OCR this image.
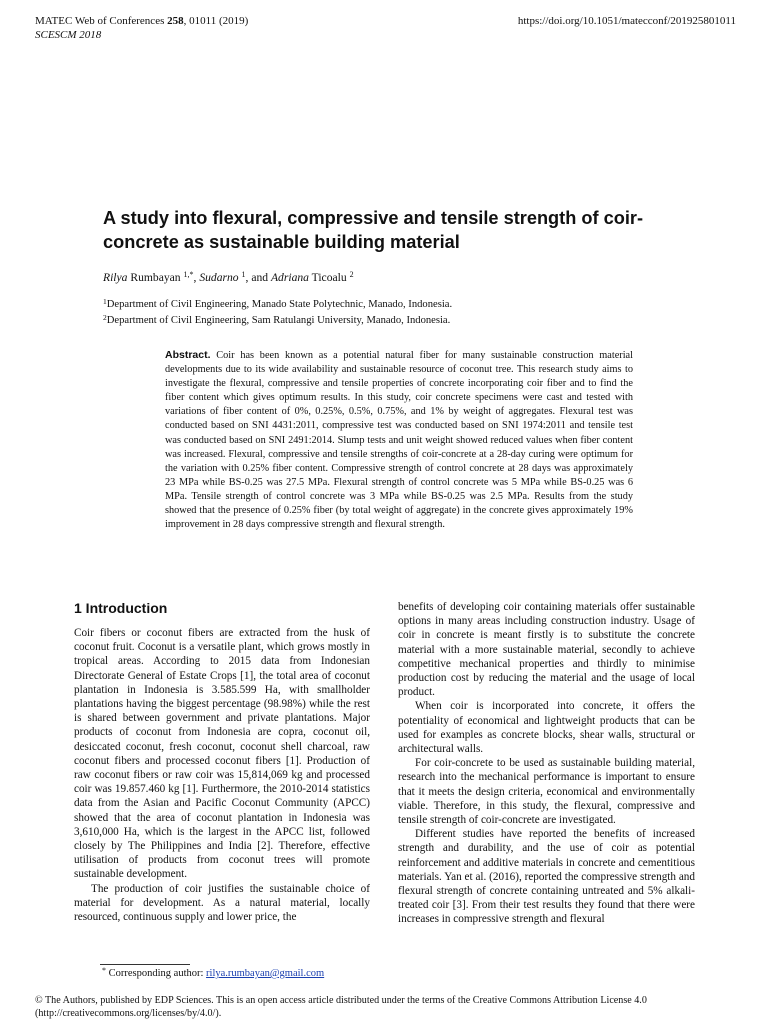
MATEC Web of Conferences 258, 01011 (2019)
SCESCM 2018
https://doi.org/10.1051/matecconf/201925801011
A study into flexural, compressive and tensile strength of coir-concrete as sustainable building material
Rilya Rumbayan $^{1,*}$, Sudarno $^1$, and Adriana Ticoalu $^2$
$^1$Department of Civil Engineering, Manado State Polytechnic, Manado, Indonesia.
$^2$Department of Civil Engineering, Sam Ratulangi University, Manado, Indonesia.

Abstract. Coir has been known as a potential natural fiber for many sustainable construction material developments due to its wide availability and sustainable resource of coconut tree. This research study aims to investigate the flexural, compressive and tensile properties of concrete incorporating coir fiber and to find the fiber content which gives optimum results. In this study, coir concrete specimens were cast and tested with variations of fiber content of 0%, 0.25%, 0.5%, 0.75%, and 1% by weight of aggregates. Flexural test was conducted based on SNI 4431:2011, compressive test was conducted based on SNI 1974:2011 and tensile test was conducted based on SNI 2491:2014. Slump tests and unit weight showed reduced values when fiber content was increased. Flexural, compressive and tensile strengths of coir-concrete at a 28-day curing were optimum for the variation with 0.25% fiber content. Compressive strength of control concrete at 28 days was approximately 23 MPa while BS-0.25 was 27.5 MPa. Flexural strength of control concrete was 5 MPa while BS-0.25 was 6 MPa. Tensile strength of control concrete was 3 MPa while BS-0.25 was 2.5 MPa. Results from the study showed that the presence of 0.25% fiber (by total weight of aggregate) in the concrete gives approximately 19% improvement in 28 days compressive strength and flexural strength.

1 Introduction

Coir fibers or coconut fibers are extracted from the husk of coconut fruit. Coconut is a versatile plant, which grows mostly in tropical areas. According to 2015 data from Indonesian Directorate General of Estate Crops [1], the total area of coconut plantation in Indonesia is 3.585.599 Ha, with smallholder plantations having the biggest percentage (98.98%) while the rest is shared between government and private plantations. Major products of coconut from Indonesia are copra, coconut oil, desiccated coconut, fresh coconut, coconut shell charcoal, raw coconut fibers and processed coconut fibers [1]. Production of raw coconut fibers or raw coir was 15,814,069 kg and processed coir was 19.857.460 kg [1]. Furthermore, the 2010-2014 statistics data from the Asian and Pacific Coconut Community (APCC) showed that the area of coconut plantation in Indonesia was 3,610,000 Ha, which is the largest in the APCC list, followed closely by The Philippines and India [2]. Therefore, effective utilisation of products from coconut trees will promote sustainable development.

The production of coir justifies the sustainable choice of material for development. As a natural material, locally resourced, continuous supply and lower price, the

benefits of developing coir containing materials offer sustainable options in many areas including construction industry. Usage of coir in concrete is meant firstly is to substitute the concrete material with a more sustainable material, secondly to achieve competitive mechanical properties and thirdly to minimise production cost by reducing the material and the usage of local product.

When coir is incorporated into concrete, it offers the potentiality of economical and lightweight products that can be used for examples as concrete blocks, shear walls, structural or architectural walls.

For coir-concrete to be used as sustainable building material, research into the mechanical performance is important to ensure that it meets the design criteria, economical and environmentally viable. Therefore, in this study, the flexural, compressive and tensile strength of coir-concrete are investigated.

Different studies have reported the benefits of increased strength and durability, and the use of coir as potential reinforcement and additive materials in concrete and cementitious materials. Yan et al. (2016), reported the compressive strength and flexural strength of concrete containing untreated and 5% alkali-treated coir [3]. From their test results they found that there were increases in compressive strength and flexural

* Corresponding author: rilya.rumbayan@gmail.com

© The Authors, published by EDP Sciences. This is an open access article distributed under the terms of the Creative Commons Attribution License 4.0 (http://creativecommons.org/licenses/by/4.0/).
